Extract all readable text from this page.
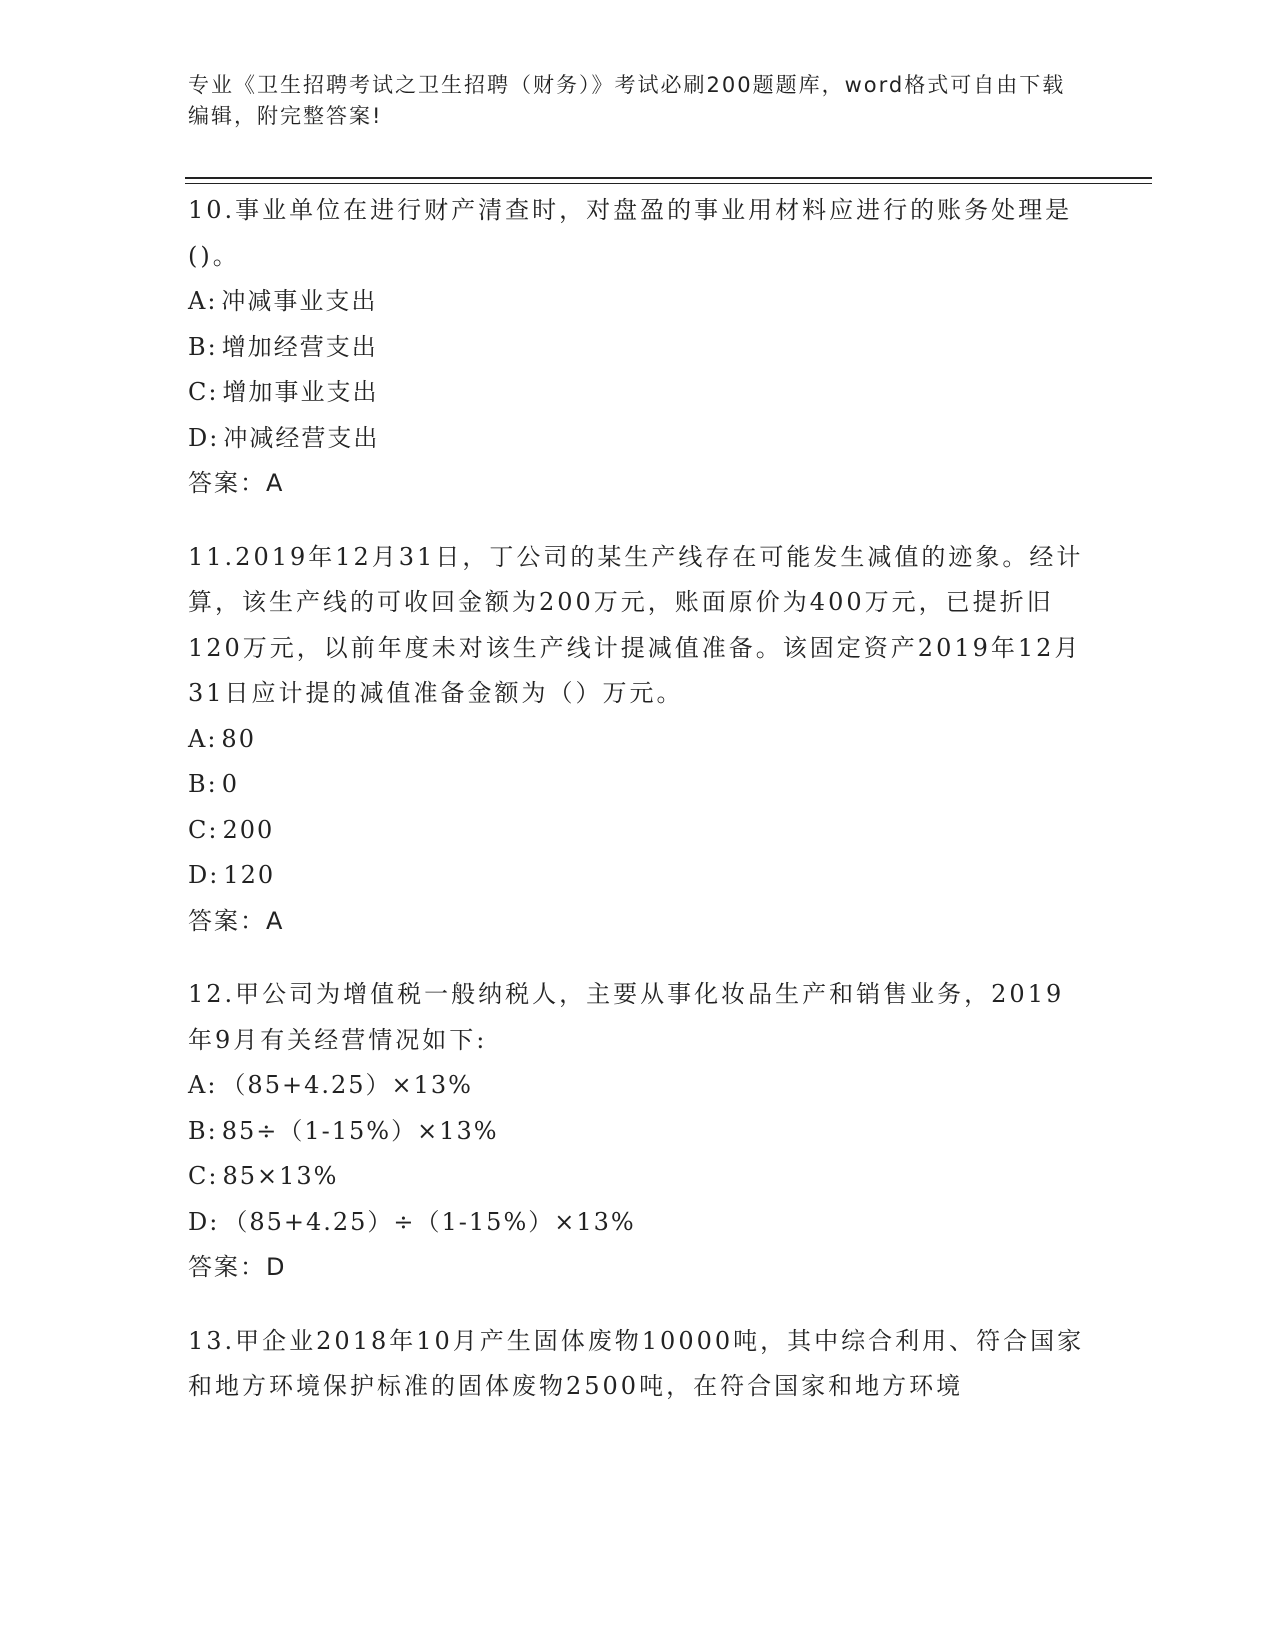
专业《卫生招聘考试之卫生招聘（财务）》考试必刷200题题库，word格式可自由下载编辑，附完整答案!

10.事业单位在进行财产清查时，对盘盈的事业用材料应进行的账务处理是()。

A: 冲减事业支出

B: 增加经营支出

C: 增加事业支出

D: 冲减经营支出

答案：A

11.2019年12月31日，丁公司的某生产线存在可能发生减值的迹象。经计算，该生产线的可收回金额为200万元，账面原价为400万元，已提折旧120万元，以前年度未对该生产线计提减值准备。该固定资产2019年12月31日应计提的减值准备金额为（）万元。

A: 80

B: 0

C: 200

D: 120

答案：A

12.甲公司为增值税一般纳税人，主要从事化妆品生产和销售业务，2019年9月有关经营情况如下:

A: （85+4.25）×13%

B: 85÷（1-15%）×13%

C: 85×13%

D: （85+4.25）÷（1-15%）×13%

答案：D

13.甲企业2018年10月产生固体废物10000吨，其中综合利用、符合国家和地方环境保护标准的固体废物2500吨，在符合国家和地方环境
